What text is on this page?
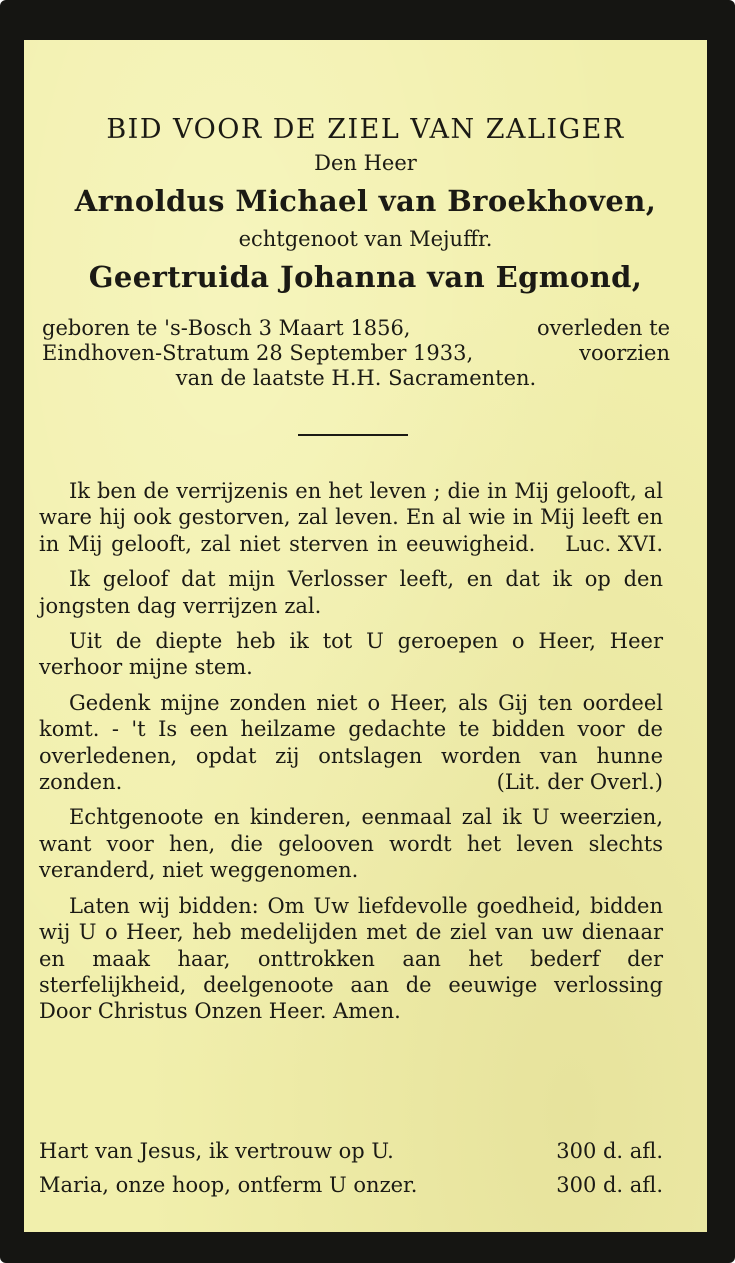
BID VOOR DE ZIEL VAN ZALIGER
Den Heer
Arnoldus Michael van Broekhoven,
echtgenoot van Mejuffr.
Geertruida Johanna van Egmond,
geboren te 's-Bosch 3 Maart 1856,	overleden te
Eindhoven-Stratum 28 September 1933,	voorzien
van de laatste H.H. Sacramenten.

Ik ben de verrijzenis en het leven ; die in Mij gelooft, al ware hij ook gestorven, zal leven. En al wie in Mij leeft en in Mij gelooft, zal niet sterven in eeuwigheid.	Luc. XVI.

Ik geloof dat mijn Verlosser leeft, en dat ik op den jongsten dag verrijzen zal.

Uit de diepte heb ik tot U geroepen o Heer, Heer verhoor mijne stem.

Gedenk mijne zonden niet o Heer, als Gij ten oordeel komt. - 't Is een heilzame gedachte te bidden voor de overledenen, opdat zij ontslagen worden van hunne zonden.	(Lit. der Overl.)

Echtgenoote en kinderen, eenmaal zal ik U weerzien, want voor hen, die gelooven wordt het leven slechts veranderd, niet weggenomen.

Laten wij bidden: Om Uw liefdevolle goedheid, bidden wij U o Heer, heb medelijden met de ziel van uw dienaar en maak haar, onttrokken aan het bederf der sterfelijkheid, deelgenoote aan de eeuwige verlossing Door Christus Onzen Heer. Amen.

Hart van Jesus, ik vertrouw op U.	300 d. afl.
Maria, onze hoop, ontferm U onzer.	300 d. afl.
